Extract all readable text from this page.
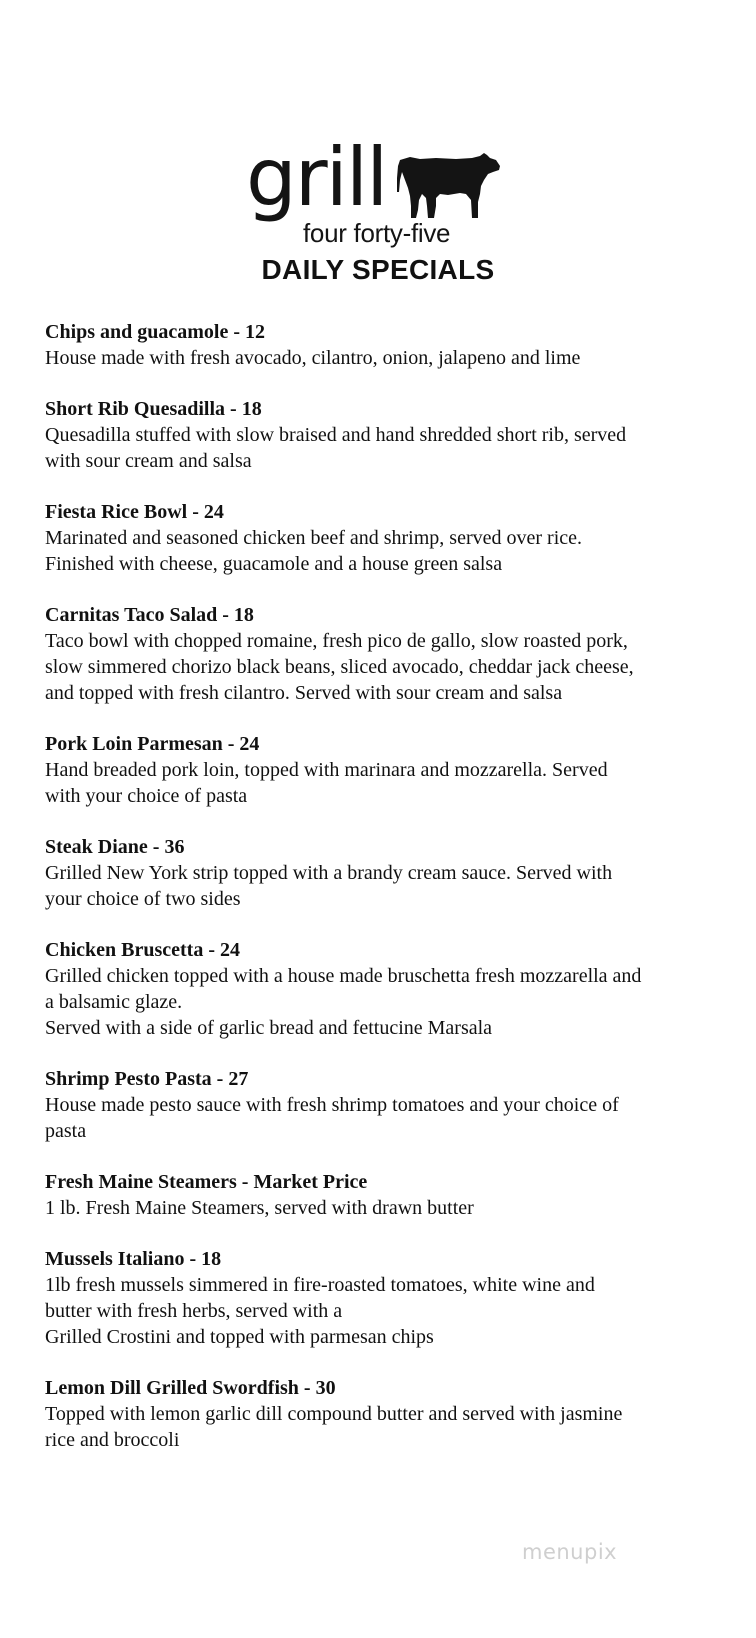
grill
four forty-five
DAILY SPECIALS
Chips and guacamole - 12
House made with fresh avocado, cilantro, onion, jalapeno and lime
Short Rib Quesadilla - 18
Quesadilla stuffed with slow braised and hand shredded short rib, served
with sour cream and salsa
Fiesta Rice Bowl - 24
Marinated and seasoned chicken beef and shrimp, served over rice.
Finished with cheese, guacamole and a house green salsa
Carnitas Taco Salad - 18
Taco bowl with chopped romaine, fresh pico de gallo, slow roasted pork,
slow simmered chorizo black beans, sliced avocado, cheddar jack cheese,
and topped with fresh cilantro. Served with sour cream and salsa
Pork Loin Parmesan - 24
Hand breaded pork loin, topped with marinara and mozzarella. Served
with your choice of pasta
Steak Diane - 36
Grilled New York strip topped with a brandy cream sauce. Served with
your choice of two sides
Chicken Bruscetta - 24
Grilled chicken topped with a house made bruschetta fresh mozzarella and
a balsamic glaze.
Served with a side of garlic bread and fettucine Marsala
Shrimp Pesto Pasta - 27
House made pesto sauce with fresh shrimp tomatoes and your choice of
pasta
Fresh Maine Steamers - Market Price
1 lb. Fresh Maine Steamers, served with drawn butter
Mussels Italiano - 18
1lb fresh mussels simmered in fire-roasted tomatoes, white wine and
butter with fresh herbs, served with a
Grilled Crostini and topped with parmesan chips
Lemon Dill Grilled Swordfish - 30
Topped with lemon garlic dill compound butter and served with jasmine
rice and broccoli
menupix
